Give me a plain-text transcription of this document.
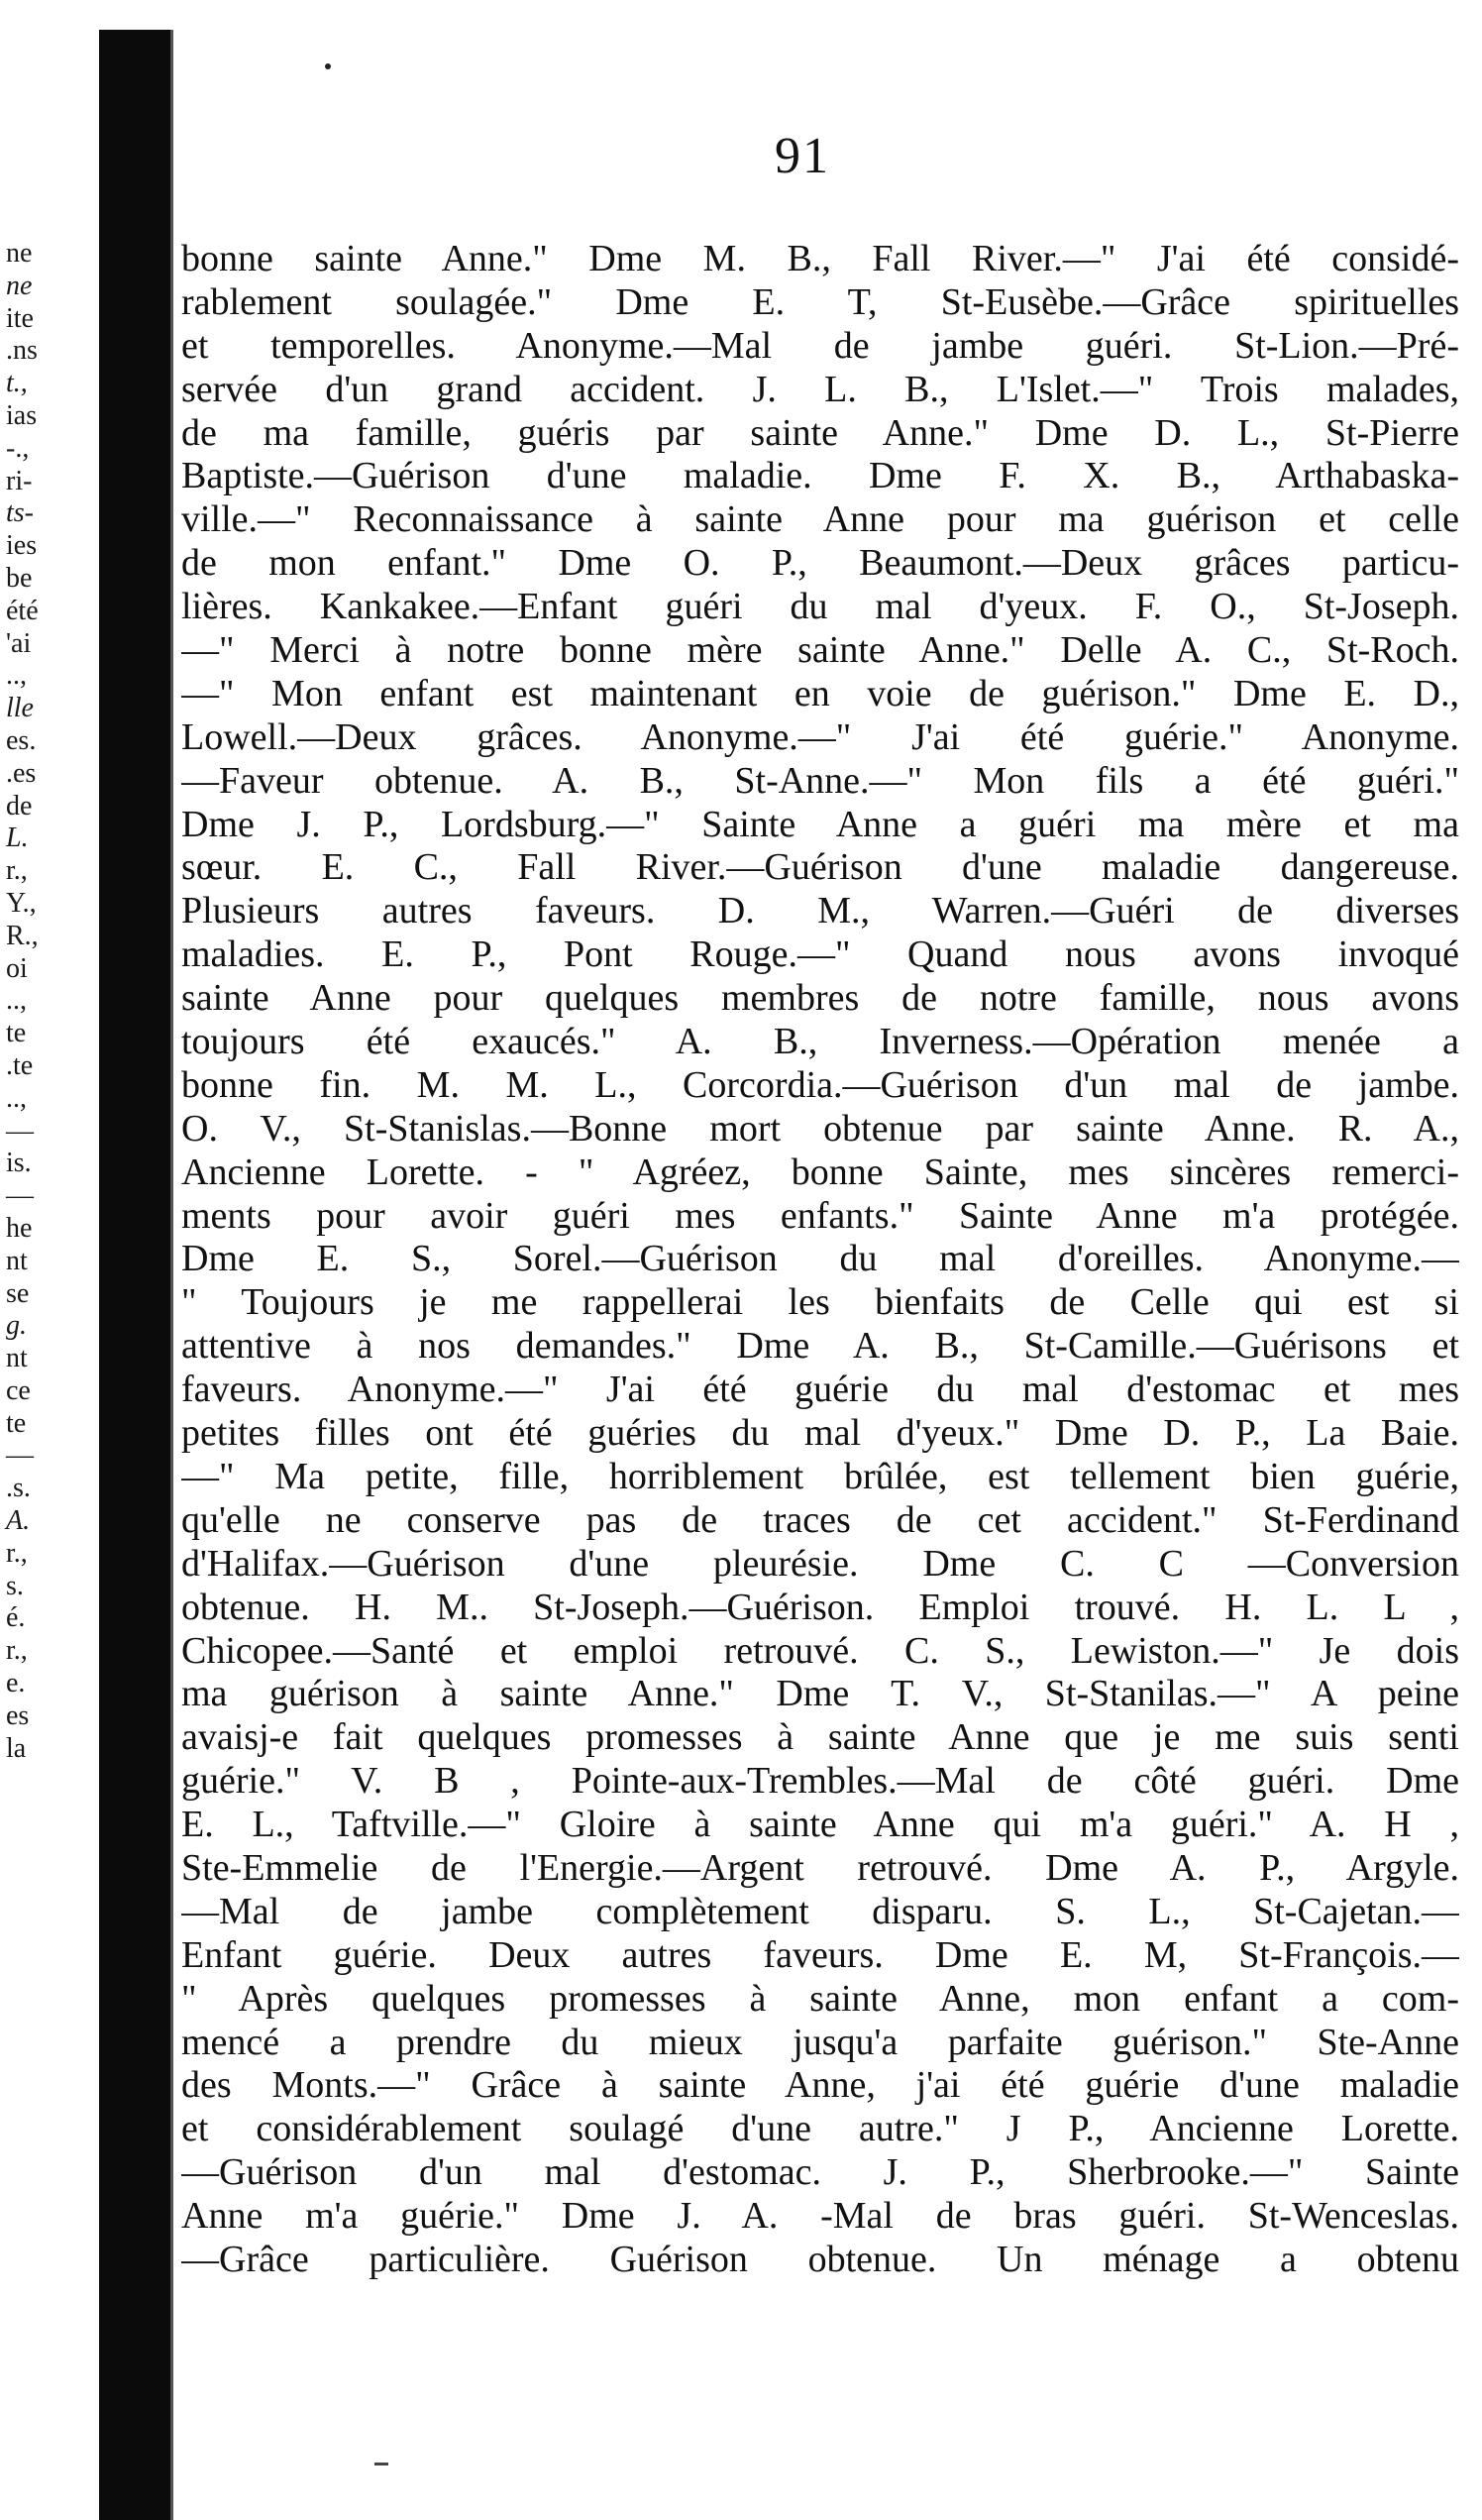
ne
ne
ite
.ns
t.,
ias
-.,
ri-
ts-
ies
be
été
'ai
..,
lle
es.
.es
de
L.
r.,
Y.,
R.,
oi
..,
te
.te
..,
—
is.
—
he
nt
se
g.
nt
ce
te
—
.s.
A.
r.,
s.
é.
r.,
e.
es
la
91
bonne sainte Anne." Dme M. B., Fall River.—" J'ai été considé-
rablement soulagée." Dme E. T, St-Eusèbe.—Grâce spirituelles
et temporelles. Anonyme.—Mal de jambe guéri. St-Lion.—Pré-
servée d'un grand accident. J. L. B., L'Islet.—" Trois malades,
de ma famille, guéris par sainte Anne." Dme D. L., St-Pierre
Baptiste.—Guérison d'une maladie. Dme F. X. B., Arthabaska-
ville.—" Reconnaissance à sainte Anne pour ma guérison et celle
de mon enfant." Dme O. P., Beaumont.—Deux grâces particu-
lières. Kankakee.—Enfant guéri du mal d'yeux. F. O., St-Joseph.
—" Merci à notre bonne mère sainte Anne." Delle A. C., St-Roch.
—" Mon enfant est maintenant en voie de guérison." Dme E. D.,
Lowell.—Deux grâces. Anonyme.—" J'ai été guérie." Anonyme.
—Faveur obtenue. A. B., St-Anne.—" Mon fils a été guéri."
Dme J. P., Lordsburg.—" Sainte Anne a guéri ma mère et ma
sœur. E. C., Fall River.—Guérison d'une maladie dangereuse.
Plusieurs autres faveurs. D. M., Warren.—Guéri de diverses
maladies. E. P., Pont Rouge.—" Quand nous avons invoqué
sainte Anne pour quelques membres de notre famille, nous avons
toujours été exaucés." A. B., Inverness.—Opération menée a
bonne fin. M. M. L., Corcordia.—Guérison d'un mal de jambe.
O. V., St-Stanislas.—Bonne mort obtenue par sainte Anne. R. A.,
Ancienne Lorette. - " Agréez, bonne Sainte, mes sincères remerci-
ments pour avoir guéri mes enfants." Sainte Anne m'a protégée.
Dme E. S., Sorel.—Guérison du mal d'oreilles. Anonyme.—
" Toujours je me rappellerai les bienfaits de Celle qui est si
attentive à nos demandes." Dme A. B., St-Camille.—Guérisons et
faveurs. Anonyme.—" J'ai été guérie du mal d'estomac et mes
petites filles ont été guéries du mal d'yeux." Dme D. P., La Baie.
—" Ma petite, fille, horriblement brûlée, est tellement bien guérie,
qu'elle ne conserve pas de traces de cet accident." St-Ferdinand
d'Halifax.—Guérison d'une pleurésie. Dme C. C —Conversion
obtenue. H. M.. St-Joseph.—Guérison. Emploi trouvé. H. L. L ,
Chicopee.—Santé et emploi retrouvé. C. S., Lewiston.—" Je dois
ma guérison à sainte Anne." Dme T. V., St-Stanilas.—" A peine
avaisj-e fait quelques promesses à sainte Anne que je me suis senti
guérie." V. B , Pointe-aux-Trembles.—Mal de côté guéri. Dme
E. L., Taftville.—" Gloire à sainte Anne qui m'a guéri." A. H ,
Ste-Emmelie de l'Energie.—Argent retrouvé. Dme A. P., Argyle.
—Mal de jambe complètement disparu. S. L., St-Cajetan.—
Enfant guérie. Deux autres faveurs. Dme E. M, St-François.—
" Après quelques promesses à sainte Anne, mon enfant a com-
mencé a prendre du mieux jusqu'a parfaite guérison." Ste-Anne
des Monts.—" Grâce à sainte Anne, j'ai été guérie d'une maladie
et considérablement soulagé d'une autre." J P., Ancienne Lorette.
—Guérison d'un mal d'estomac. J. P., Sherbrooke.—" Sainte
Anne m'a guérie." Dme J. A. -Mal de bras guéri. St-Wenceslas.
—Grâce particulière. Guérison obtenue. Un ménage a obtenu
